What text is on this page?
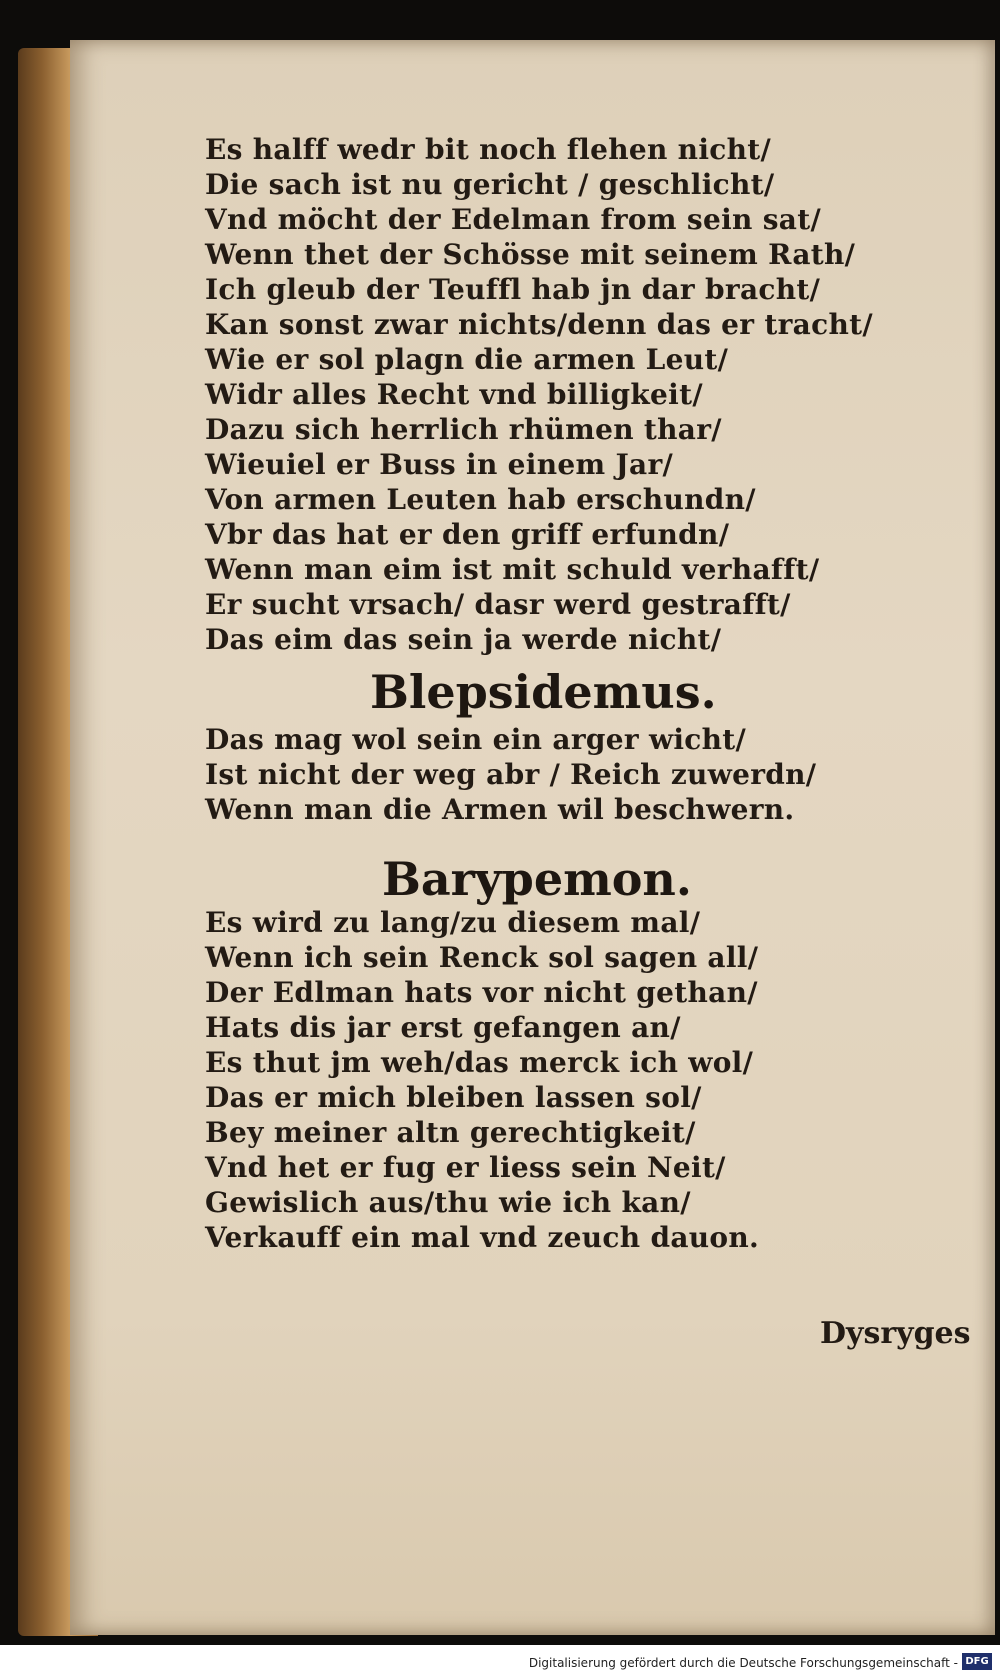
Es halff wedr bit noch flehen nicht/
Die sach ist nu gericht / geschlicht/
Vnd möcht der Edelman from sein sat/
Wenn thet der Schösse mit seinem Rath/
Ich gleub der Teuffl hab jn dar bracht/
Kan sonst zwar nichts/denn das er tracht/
Wie er sol plagn die armen Leut/
Widr alles Recht vnd billigkeit/
Dazu sich herrlich rhümen thar/
Wieuiel er Buss in einem Jar/
Von armen Leuten hab erschundn/
Vbr das hat er den griff erfundn/
Wenn man eim ist mit schuld verhafft/
Er sucht vrsach/ dasr werd gestrafft/
Das eim das sein ja werde nicht/
Blepsidemus.
Das mag wol sein ein arger wicht/
Ist nicht der weg abr / Reich zuwerdn/
Wenn man die Armen wil beschwern.
Barypemon.
Es wird zu lang/zu diesem mal/
Wenn ich sein Renck sol sagen all/
Der Edlman hats vor nicht gethan/
Hats dis jar erst gefangen an/
Es thut jm weh/das merck ich wol/
Das er mich bleiben lassen sol/
Bey meiner altn gerechtigkeit/
Vnd het er fug er liess sein Neit/
Gewislich aus/thu wie ich kan/
Verkauff ein mal vnd zeuch dauon.
Dysryges
Digitalisierung gefördert durch die Deutsche Forschungsgemeinschaft - DFG
